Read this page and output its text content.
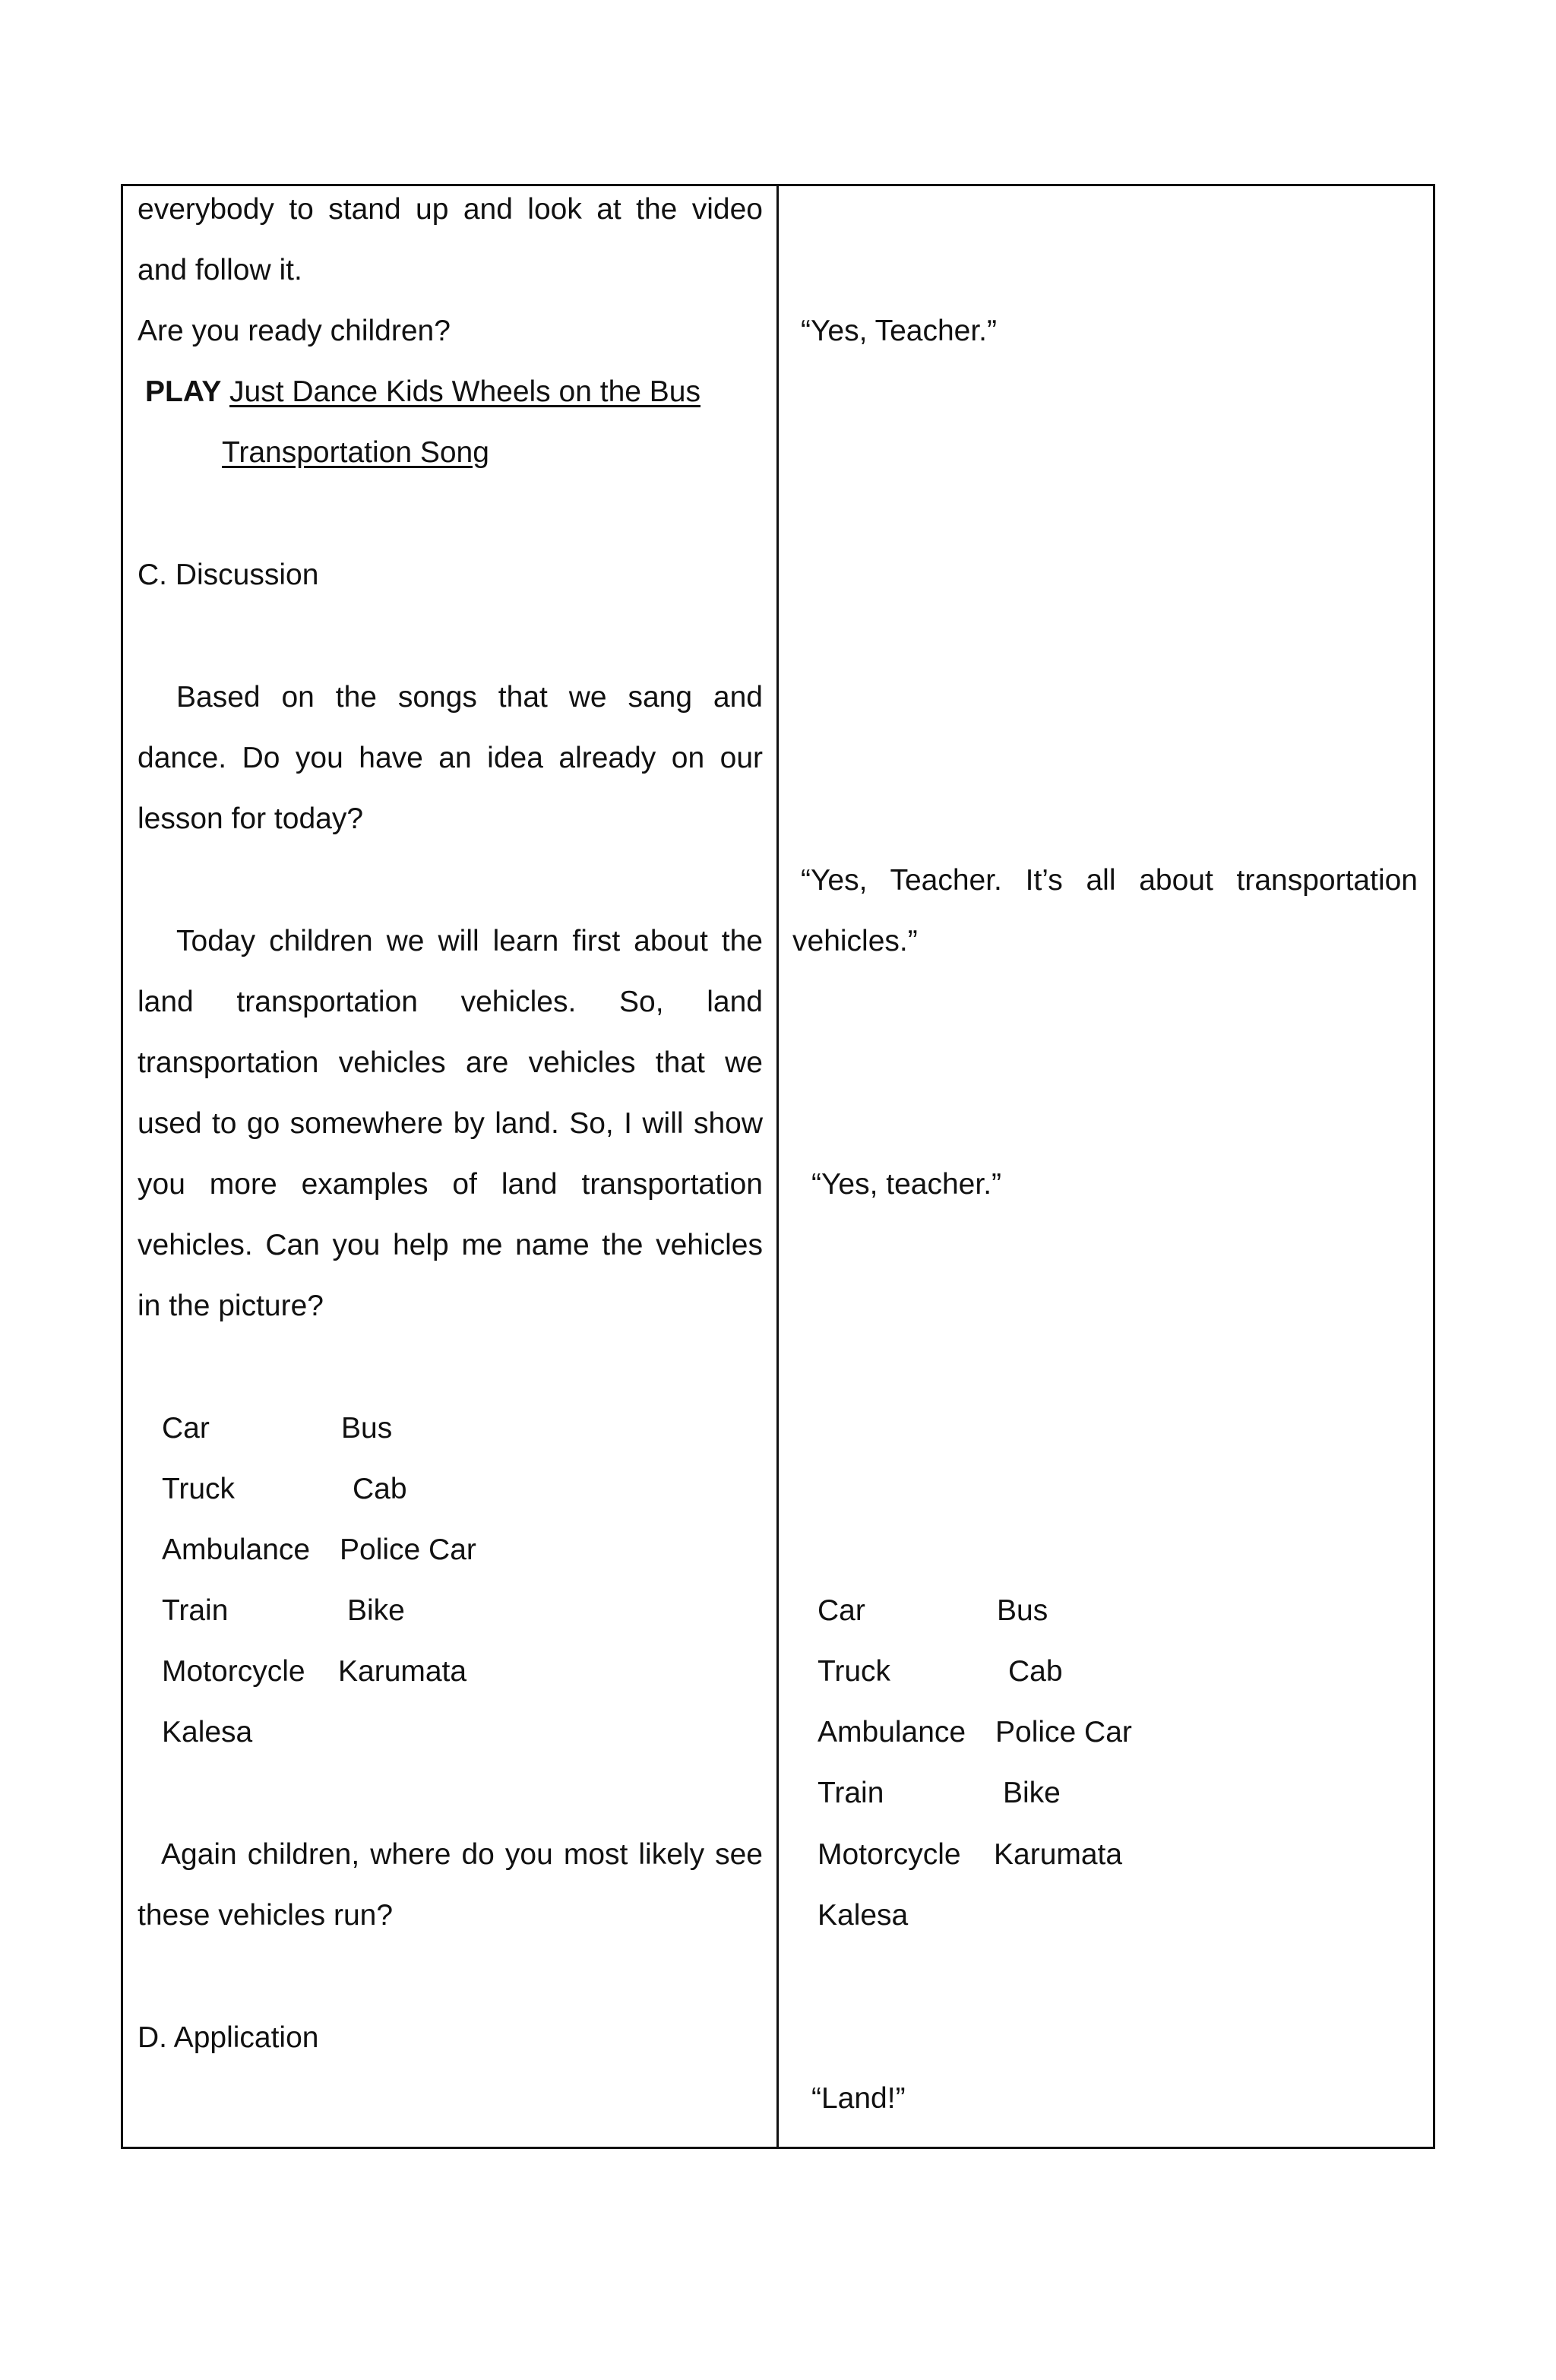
everybody to stand up and look at the video
and follow it.
Are you ready children?
PLAY Just Dance Kids Wheels on the Bus
Transportation Song
C. Discussion
Based on the songs that we sang and
dance. Do you have an idea already on our
lesson for today?
Today children we will learn first about the
land transportation vehicles. So, land
transportation vehicles are vehicles that we
used to go somewhere by land. So, I will show
you more examples of land transportation
vehicles. Can you help me name the vehicles
in the picture?
Car	Bus
Truck	Cab
Ambulance Police Car
Train	Bike
Motorcycle Karumata
Kalesa
Again children, where do you most likely see
these vehicles run?
D. Application
“Yes, Teacher.”
“Yes, Teacher. It’s all about transportation
vehicles.”
“Yes, teacher.”
Car	Bus
Truck	Cab
Ambulance Police Car
Train	Bike
Motorcycle Karumata
Kalesa
“Land!”
